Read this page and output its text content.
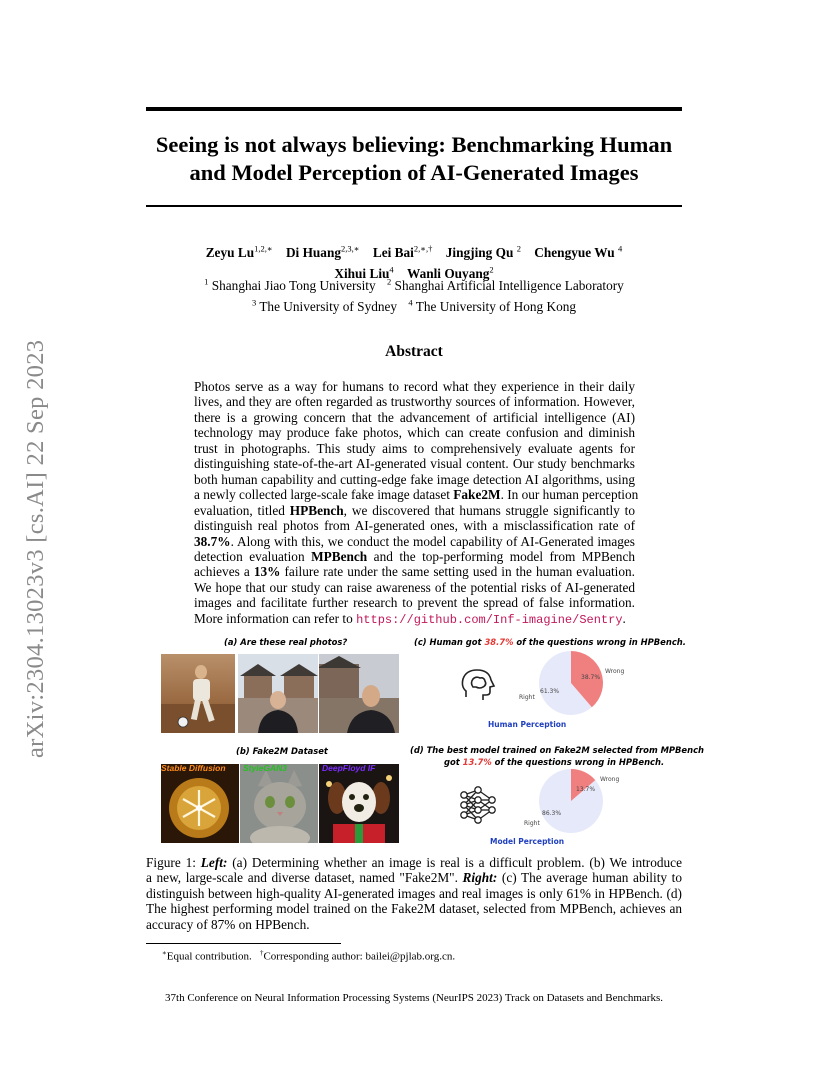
arXiv:2304.13023v3 [cs.AI] 22 Sep 2023
Seeing is not always believing: Benchmarking Human
and Model Perception of AI-Generated Images
Zeyu $Lu^{1,2,∗}$ Di Huang$^{2,3,∗}$ Lei Bai$^{2,∗,\dagger}$ Jingjing Qu $^2$ Chengyue Wu $^4$
Xihui Liu$^4$ Wanli Ouyang$^2$
$^1$ Shanghai Jiao Tong University $^2$ Shanghai Artificial Intelligence Laboratory
$^3$ The University of Sydney $^4$ The University of Hong Kong
Abstract
Photos serve as a way for humans to record what they experience in their daily
lives, and they are often regarded as trustworthy sources of information. However,
there is a growing concern that the advancement of artificial intelligence (AI)
technology may produce fake photos, which can create confusion and diminish
trust in photographs. This study aims to comprehensively evaluate agents for
distinguishing state-of-the-art AI-generated visual content. Our study benchmarks
both human capability and cutting-edge fake image detection AI algorithms, using
a newly collected large-scale fake image dataset Fake2M. In our human perception
evaluation, titled HPBench, we discovered that humans struggle significantly to
distinguish real photos from AI-generated ones, with a misclassification rate of
38.7%. Along with this, we conduct the model capability of AI-Generated images
detection evaluation MPBench and the top-performing model from MPBench
achieves a 13% failure rate under the same setting used in the human evaluation.
We hope that our study can raise awareness of the potential risks of AI-generated
images and facilitate further research to prevent the spread of false information.
More information can refer to https://github.com/Inf-imagine/Sentry.
(a) Are these real photos?	(c) Human got 38.7% of the questions wrong in HPBench.
Wrong
38.7%
61.3%
Right
Human Perception
(b) Fake2M Dataset	(d) The best model trained on Fake2M selected from MPBench
got 13.7% of the questions wrong in HPBench.
Stable Diffusion StyleGAN3	DeepFloyd IF
Wrong
13.7%
86.3%
Right
Model Perception
Figure 1: Left: (a) Determining whether an image is real is a difficult problem. (b) We introduce
a new, large-scale and diverse dataset, named "Fake2M". Right: (c) The average human ability to
distinguish between high-quality AI-generated images and real images is only 61% in HPBench. (d)
The highest performing model trained on the Fake2M dataset, selected from MPBench, achieves an
accuracy of 87% on HPBench.
∗Equal contribution. †Corresponding author: bailei@pjlab.org.cn.
37th Conference on Neural Information Processing Systems (NeurIPS 2023) Track on Datasets and Benchmarks.
